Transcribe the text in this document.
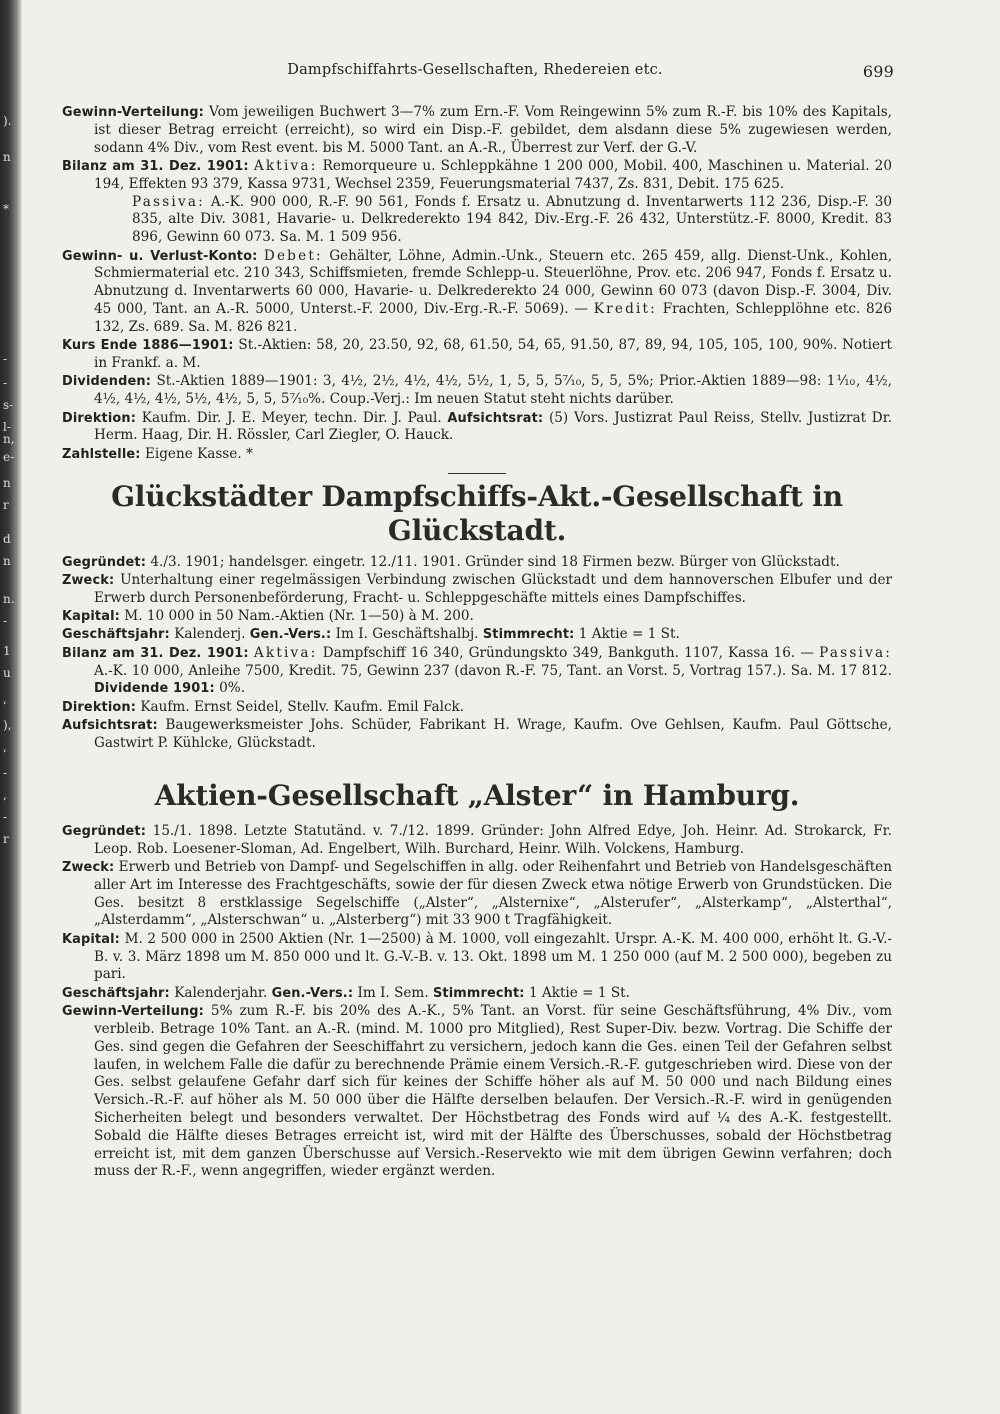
).
n
*
-
-
s-
l-
n,
e-
n
r
d
n
n.
-
1
u
,
),
,
-
,
-
r
Dampfschiffahrts-Gesellschaften, Rhedereien etc.	699

Gewinn-Verteilung: Vom jeweiligen Buchwert 3—7% zum Ern.-F. Vom Reingewinn 5% zum R.-F. bis 10% des Kapitals, ist dieser Betrag erreicht (erreicht), so wird ein Disp.-F. gebildet, dem alsdann diese 5% zugewiesen werden, sodann 4% Div., vom Rest event. bis M. 5000 Tant. an A.-R., Überrest zur Verf. der G.-V.

Bilanz am 31. Dez. 1901: Aktiva: Remorqueure u. Schleppkähne 1 200 000, Mobil. 400, Maschinen u. Material. 20 194, Effekten 93 379, Kassa 9731, Wechsel 2359, Feuerungsmaterial 7437, Zs. 831, Debit. 175 625.
Passiva: A.-K. 900 000, R.-F. 90 561, Fonds f. Ersatz u. Abnutzung d. Inventarwerts 112 236, Disp.-F. 30 835, alte Div. 3081, Havarie- u. Delkrederekto 194 842, Div.-Erg.-F. 26 432, Unterstütz.-F. 8000, Kredit. 83 896, Gewinn 60 073. Sa. M. 1 509 956.

Gewinn- u. Verlust-Konto: Debet: Gehälter, Löhne, Admin.-Unk., Steuern etc. 265 459, allg. Dienst-Unk., Kohlen, Schmiermaterial etc. 210 343, Schiffsmieten, fremde Schlepp-u. Steuerlöhne, Prov. etc. 206 947, Fonds f. Ersatz u. Abnutzung d. Inventarwerts 60 000, Havarie- u. Delkrederekto 24 000, Gewinn 60 073 (davon Disp.-F. 3004, Div. 45 000, Tant. an A.-R. 5000, Unterst.-F. 2000, Div.-Erg.-R.-F. 5069). — Kredit: Frachten, Schlepplöhne etc. 826 132, Zs. 689. Sa. M. 826 821.

Kurs Ende 1886—1901: St.-Aktien: 58, 20, 23.50, 92, 68, 61.50, 54, 65, 91.50, 87, 89, 94, 105, 105, 100, 90%. Notiert in Frankf. a. M.

Dividenden: St.-Aktien 1889—1901: 3, 4½, 2½, 4½, 4½, 5½, 1, 5, 5, 5⁷⁄₁₀, 5, 5, 5%; Prior.-Aktien 1889—98: 1⅒, 4½, 4½, 4½, 4½, 5½, 4½, 5, 5, 5⁷⁄₁₀%. Coup.-Verj.: Im neuen Statut steht nichts darüber.

Direktion: Kaufm. Dir. J. E. Meyer, techn. Dir. J. Paul. Aufsichtsrat: (5) Vors. Justizrat Paul Reiss, Stellv. Justizrat Dr. Herm. Haag, Dir. H. Rössler, Carl Ziegler, O. Hauck.

Zahlstelle: Eigene Kasse. *

Glückstädter Dampfschiffs-Akt.-Gesellschaft in Glückstadt.

Gegründet: 4./3. 1901; handelsger. eingetr. 12./11. 1901. Gründer sind 18 Firmen bezw. Bürger von Glückstadt.

Zweck: Unterhaltung einer regelmässigen Verbindung zwischen Glückstadt und dem hannoverschen Elbufer und der Erwerb durch Personenbeförderung, Fracht- u. Schleppgeschäfte mittels eines Dampfschiffes.

Kapital: M. 10 000 in 50 Nam.-Aktien (Nr. 1—50) à M. 200.

Geschäftsjahr: Kalenderj. Gen.-Vers.: Im I. Geschäftshalbj. Stimmrecht: 1 Aktie = 1 St.

Bilanz am 31. Dez. 1901: Aktiva: Dampfschiff 16 340, Gründungskto 349, Bankguth. 1107, Kassa 16. — Passiva: A.-K. 10 000, Anleihe 7500, Kredit. 75, Gewinn 237 (davon R.-F. 75, Tant. an Vorst. 5, Vortrag 157.). Sa. M. 17 812. Dividende 1901: 0%.

Direktion: Kaufm. Ernst Seidel, Stellv. Kaufm. Emil Falck.

Aufsichtsrat: Baugewerksmeister Johs. Schüder, Fabrikant H. Wrage, Kaufm. Ove Gehlsen, Kaufm. Paul Göttsche, Gastwirt P. Kühlcke, Glückstadt.

Aktien-Gesellschaft „Alster“ in Hamburg.

Gegründet: 15./1. 1898. Letzte Statutänd. v. 7./12. 1899. Gründer: John Alfred Edye, Joh. Heinr. Ad. Strokarck, Fr. Leop. Rob. Loesener-Sloman, Ad. Engelbert, Wilh. Burchard, Heinr. Wilh. Volckens, Hamburg.

Zweck: Erwerb und Betrieb von Dampf- und Segelschiffen in allg. oder Reihenfahrt und Betrieb von Handelsgeschäften aller Art im Interesse des Frachtgeschäfts, sowie der für diesen Zweck etwa nötige Erwerb von Grundstücken. Die Ges. besitzt 8 erstklassige Segelschiffe („Alster“, „Alsternixe“, „Alsterufer“, „Alsterkamp“, „Alsterthal“, „Alsterdamm“, „Alsterschwan“ u. „Alsterberg“) mit 33 900 t Tragfähigkeit.

Kapital: M. 2 500 000 in 2500 Aktien (Nr. 1—2500) à M. 1000, voll eingezahlt. Urspr. A.-K. M. 400 000, erhöht lt. G.-V.-B. v. 3. März 1898 um M. 850 000 und lt. G.-V.-B. v. 13. Okt. 1898 um M. 1 250 000 (auf M. 2 500 000), begeben zu pari.

Geschäftsjahr: Kalenderjahr. Gen.-Vers.: Im I. Sem. Stimmrecht: 1 Aktie = 1 St.

Gewinn-Verteilung: 5% zum R.-F. bis 20% des A.-K., 5% Tant. an Vorst. für seine Geschäftsführung, 4% Div., vom verbleib. Betrage 10% Tant. an A.-R. (mind. M. 1000 pro Mitglied), Rest Super-Div. bezw. Vortrag. Die Schiffe der Ges. sind gegen die Gefahren der Seeschiffahrt zu versichern, jedoch kann die Ges. einen Teil der Gefahren selbst laufen, in welchem Falle die dafür zu berechnende Prämie einem Versich.-R.-F. gutgeschrieben wird. Diese von der Ges. selbst gelaufene Gefahr darf sich für keines der Schiffe höher als auf M. 50 000 und nach Bildung eines Versich.-R.-F. auf höher als M. 50 000 über die Hälfte derselben belaufen. Der Versich.-R.-F. wird in genügenden Sicherheiten belegt und besonders verwaltet. Der Höchstbetrag des Fonds wird auf ¼ des A.-K. festgestellt. Sobald die Hälfte dieses Betrages erreicht ist, wird mit der Hälfte des Überschusses, sobald der Höchstbetrag erreicht ist, mit dem ganzen Überschusse auf Versich.-Reservekto wie mit dem übrigen Gewinn verfahren; doch muss der R.-F., wenn angegriffen, wieder ergänzt werden.
